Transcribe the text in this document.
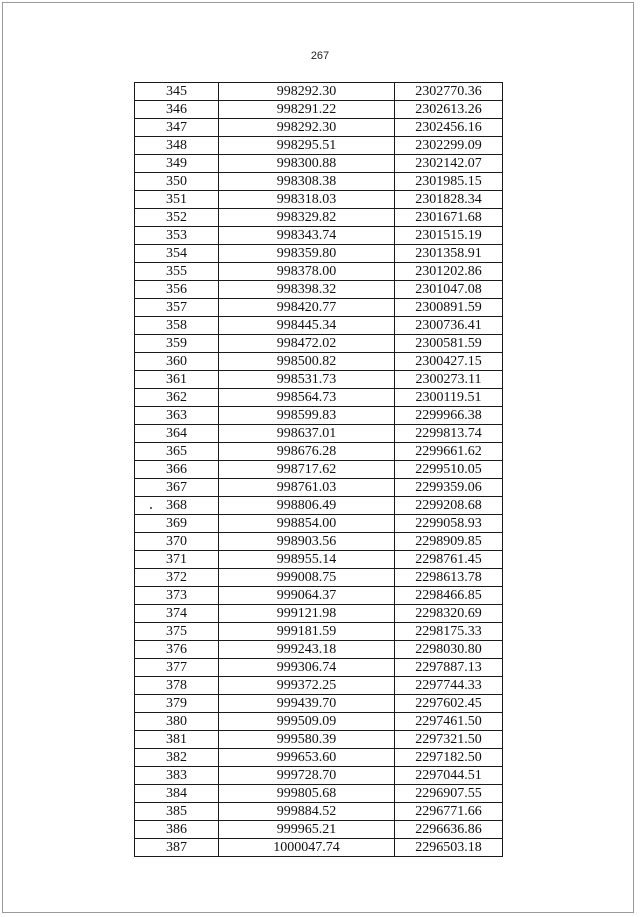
267
345	998292.30	2302770.36
346	998291.22	2302613.26
347	998292.30	2302456.16
348	998295.51	2302299.09
349	998300.88	2302142.07
350	998308.38	2301985.15
351	998318.03	2301828.34
352	998329.82	2301671.68
353	998343.74	2301515.19
354	998359.80	2301358.91
355	998378.00	2301202.86
356	998398.32	2301047.08
357	998420.77	2300891.59
358	998445.34	2300736.41
359	998472.02	2300581.59
360	998500.82	2300427.15
361	998531.73	2300273.11
362	998564.73	2300119.51
363	998599.83	2299966.38
364	998637.01	2299813.74
365	998676.28	2299661.62
366	998717.62	2299510.05
367	998761.03	2299359.06
368	998806.49	2299208.68
369	998854.00	2299058.93
370	998903.56	2298909.85
371	998955.14	2298761.45
372	999008.75	2298613.78
373	999064.37	2298466.85
374	999121.98	2298320.69
375	999181.59	2298175.33
376	999243.18	2298030.80
377	999306.74	2297887.13
378	999372.25	2297744.33
379	999439.70	2297602.45
380	999509.09	2297461.50
381	999580.39	2297321.50
382	999653.60	2297182.50
383	999728.70	2297044.51
384	999805.68	2296907.55
385	999884.52	2296771.66
386	999965.21	2296636.86
387	1000047.74	2296503.18
